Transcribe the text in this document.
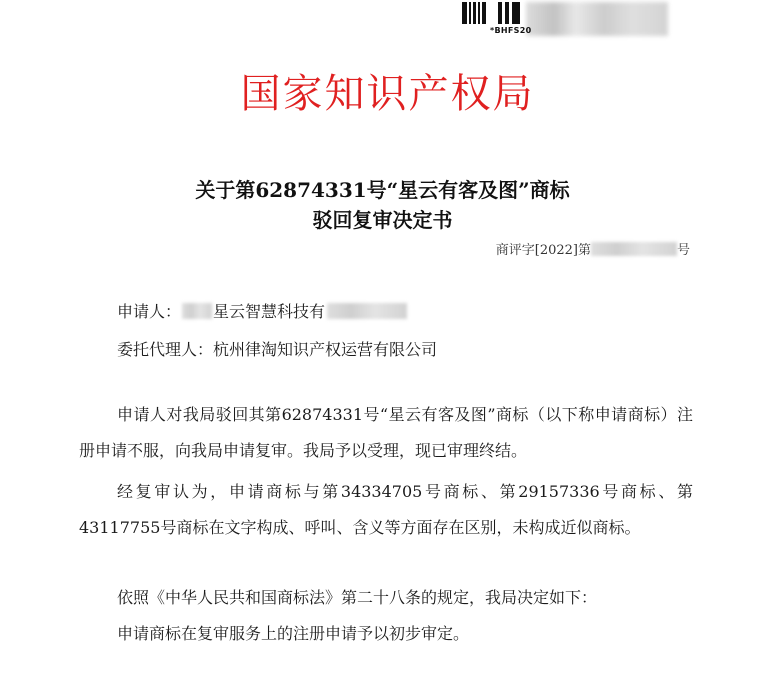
*BHFS20
国家知识产权局
关于第62874331号“星云有客及图”商标
驳回复审决定书
商评字[2022]第	号
申请人： 星云智慧科技 有
委托代理人：杭州律淘知识产权运营有限公司

申请人对我局驳回其第62874331号“星云有客及图”商标（以下称申请商标）注册申请不服，向我局申请复审。我局予以受理，现已审理终结。

经复审认为，申请商标与第34334705号商标、第29157336号商标、第43117755号商标在文字构成、呼叫、含义等方面存在区别，未构成近似商标。

依照《中华人民共和国商标法》第二十八条的规定，我局决定如下：

申请商标在复审服务上的注册申请予以初步审定。
